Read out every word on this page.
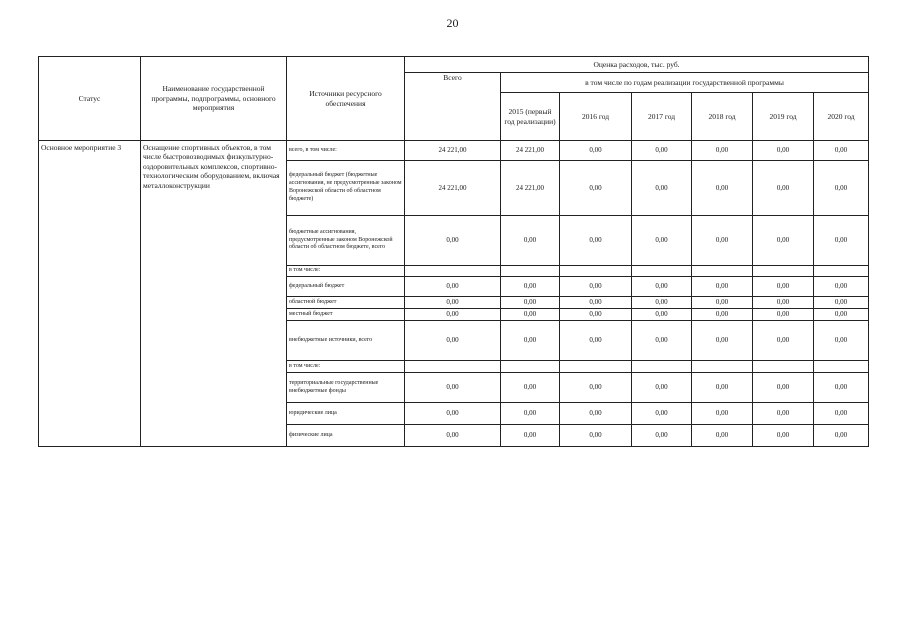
20
Статус	Наименование государственной программы, подпрограммы, основного мероприятия	Источники ресурсного обеспечения	Оценка расходов, тыс. руб.						
			Всего	в том числе по годам реализации государственной программы					
				2015 (первый год реализации)	2016 год	2017 год	2018 год	2019 год	2020 год
Основное мероприятие 3	Оснащение спортивных объектов, в том числе быстровозводимых физкультурно-оздоровительных комплексов, спортивно-технологическим оборудованием, включая металлоконструкции	всего, в том числе:	24 221,00	24 221,00	0,00	0,00	0,00	0,00	0,00
		федеральный бюджет (бюджетные ассигнования, не предусмотренные законом Воронежской области об областном бюджете)	24 221,00	24 221,00	0,00	0,00	0,00	0,00	0,00
		бюджетные ассигнования, предусмотренные законом Воронежской области об областном бюджете, всего	0,00	0,00	0,00	0,00	0,00	0,00	0,00
		в том числе:							
		федеральный бюджет	0,00	0,00	0,00	0,00	0,00	0,00	0,00
		областной бюджет	0,00	0,00	0,00	0,00	0,00	0,00	0,00
		местный бюджет	0,00	0,00	0,00	0,00	0,00	0,00	0,00
		внебюджетные источники, всего	0,00	0,00	0,00	0,00	0,00	0,00	0,00
		в том числе:							
		территориальные государственные внебюджетные фонды	0,00	0,00	0,00	0,00	0,00	0,00	0,00
		юридические лица	0,00	0,00	0,00	0,00	0,00	0,00	0,00
		физические лица	0,00	0,00	0,00	0,00	0,00	0,00	0,00
